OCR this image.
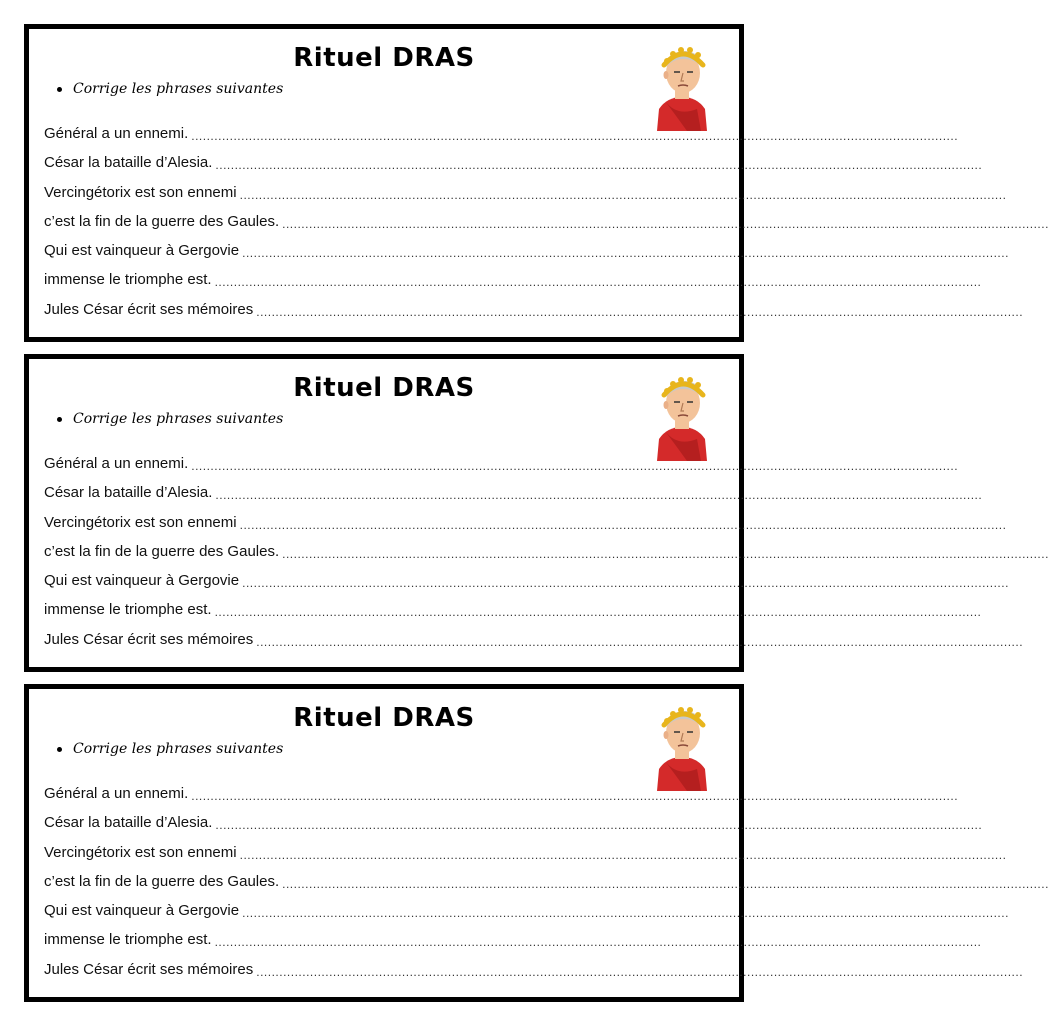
Rituel DRAS
Corrige les phrases suivantes
Général a un ennemi. ........................................................................................................................................................................................................
César la bataille d’Alesia. ........................................................................................................................................................................................................
Vercingétorix est son ennemi ........................................................................................................................................................................................................
c’est la fin de la guerre des Gaules. ........................................................................................................................................................................................................
Qui est vainqueur à Gergovie ........................................................................................................................................................................................................
immense le triomphe est. ........................................................................................................................................................................................................
Jules César écrit ses mémoires ........................................................................................................................................................................................................
Rituel DRAS
Corrige les phrases suivantes
Général a un ennemi. ........................................................................................................................................................................................................
César la bataille d’Alesia. ........................................................................................................................................................................................................
Vercingétorix est son ennemi ........................................................................................................................................................................................................
c’est la fin de la guerre des Gaules. ........................................................................................................................................................................................................
Qui est vainqueur à Gergovie ........................................................................................................................................................................................................
immense le triomphe est. ........................................................................................................................................................................................................
Jules César écrit ses mémoires ........................................................................................................................................................................................................
Rituel DRAS
Corrige les phrases suivantes
Général a un ennemi. ........................................................................................................................................................................................................
César la bataille d’Alesia. ........................................................................................................................................................................................................
Vercingétorix est son ennemi ........................................................................................................................................................................................................
c’est la fin de la guerre des Gaules. ........................................................................................................................................................................................................
Qui est vainqueur à Gergovie ........................................................................................................................................................................................................
immense le triomphe est. ........................................................................................................................................................................................................
Jules César écrit ses mémoires ........................................................................................................................................................................................................
